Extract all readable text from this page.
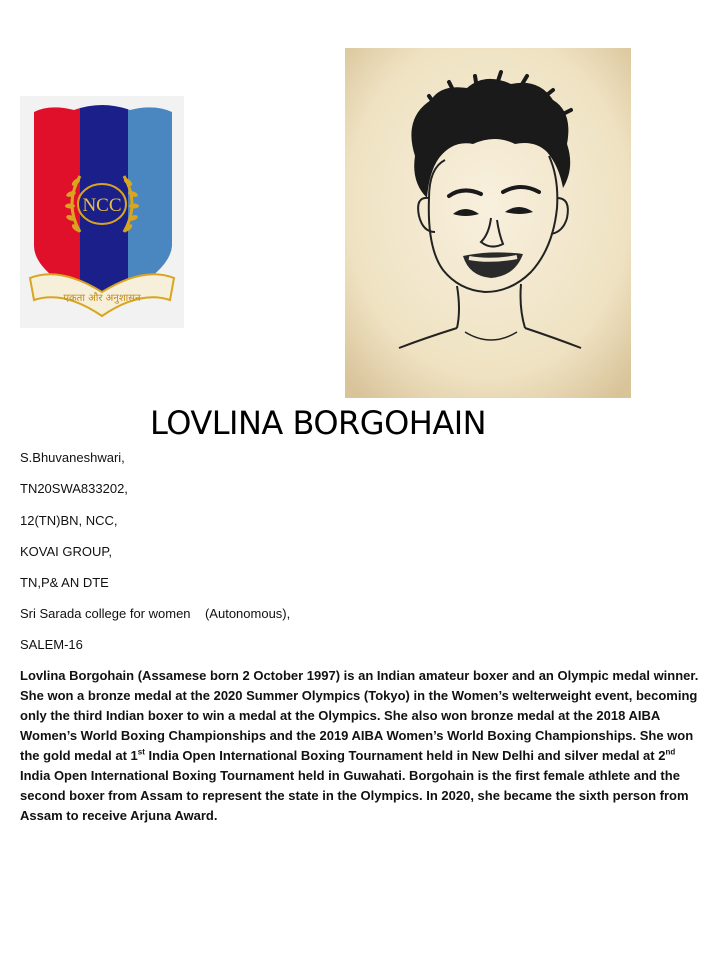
NCC
एकता और अनुशासन
LOVLINA BORGOHAIN
S.Bhuvaneshwari,
TN20SWA833202,
12(TN)BN, NCC,
KOVAI GROUP,
TN,P& AN DTE
Sri Sarada college for women    (Autonomous),
SALEM-16

Lovlina Borgohain (Assamese born 2 October 1997) is an Indian amateur boxer and an Olympic medal winner. She won a bronze medal at the 2020 Summer Olympics (Tokyo) in the Women’s welterweight event, becoming only the third Indian boxer to win a medal at the Olympics. She also won bronze medal at the 2018 AIBA Women’s World Boxing Championships and the 2019 AIBA Women’s World Boxing Championships. She won the gold medal at 1st India Open International Boxing Tournament held in New Delhi and silver medal at 2nd India Open International Boxing Tournament held in Guwahati. Borgohain is the first female athlete and the second boxer from Assam to represent the state in the Olympics. In 2020, she became the sixth person from Assam to receive Arjuna Award.
